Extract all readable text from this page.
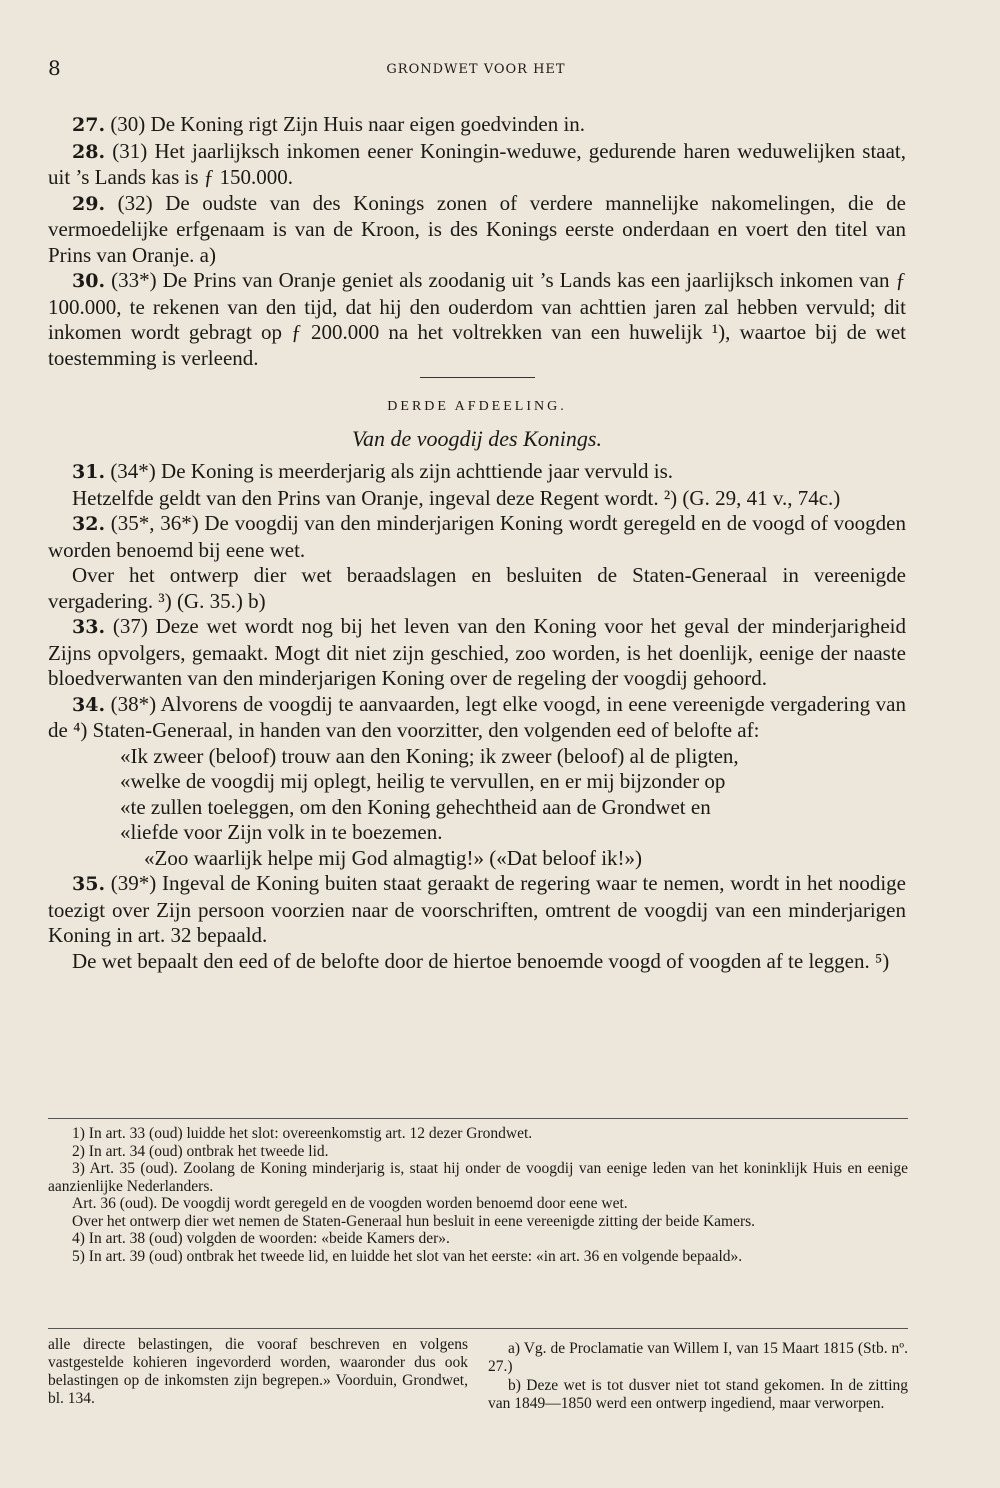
8	GRONDWET VOOR HET

27. (30) De Koning rigt Zijn Huis naar eigen goedvinden in.

28. (31) Het jaarlijksch inkomen eener Koningin-weduwe, gedurende haren weduwelijken staat, uit ’s Lands kas is ƒ 150.000.

29. (32) De oudste van des Konings zonen of verdere mannelijke nakomelingen, die de vermoedelijke erfgenaam is van de Kroon, is des Konings eerste onderdaan en voert den titel van Prins van Oranje. a)

30. (33*) De Prins van Oranje geniet als zoodanig uit ’s Lands kas een jaarlijksch inkomen van ƒ 100.000, te rekenen van den tijd, dat hij den ouderdom van achttien jaren zal hebben vervuld; dit inkomen wordt gebragt op ƒ 200.000 na het voltrekken van een huwelijk ¹), waartoe bij de wet toestemming is verleend.

DERDE AFDEELING.
Van de voogdij des Konings.

31. (34*) De Koning is meerderjarig als zijn achttiende jaar vervuld is.

Hetzelfde geldt van den Prins van Oranje, ingeval deze Regent wordt. ²) (G. 29, 41 v., 74c.)

32. (35*, 36*) De voogdij van den minderjarigen Koning wordt geregeld en de voogd of voogden worden benoemd bij eene wet.

Over het ontwerp dier wet beraadslagen en besluiten de Staten-Generaal in vereenigde vergadering. ³) (G. 35.) b)

33. (37) Deze wet wordt nog bij het leven van den Koning voor het geval der minderjarigheid Zijns opvolgers, gemaakt. Mogt dit niet zijn geschied, zoo worden, is het doenlijk, eenige der naaste bloedverwanten van den minderjarigen Koning over de regeling der voogdij gehoord.

34. (38*) Alvorens de voogdij te aanvaarden, legt elke voogd, in eene vereenigde vergadering van de ⁴) Staten-Generaal, in handen van den voorzitter, den volgenden eed of belofte af:

«Ik zweer (beloof) trouw aan den Koning; ik zweer (beloof) al de pligten,

«welke de voogdij mij oplegt, heilig te vervullen, en er mij bijzonder op

«te zullen toeleggen, om den Koning gehechtheid aan de Grondwet en

«liefde voor Zijn volk in te boezemen.

«Zoo waarlijk helpe mij God almagtig!» («Dat beloof ik!»)

35. (39*) Ingeval de Koning buiten staat geraakt de regering waar te nemen, wordt in het noodige toezigt over Zijn persoon voorzien naar de voorschriften, omtrent de voogdij van een minderjarigen Koning in art. 32 bepaald.

De wet bepaalt den eed of de belofte door de hiertoe benoemde voogd of voogden af te leggen. ⁵)

1) In art. 33 (oud) luidde het slot: overeenkomstig art. 12 dezer Grondwet.

2) In art. 34 (oud) ontbrak het tweede lid.

3) Art. 35 (oud). Zoolang de Koning minderjarig is, staat hij onder de voogdij van eenige leden van het koninklijk Huis en eenige aanzienlijke Nederlanders.

Art. 36 (oud). De voogdij wordt geregeld en de voogden worden benoemd door eene wet.

Over het ontwerp dier wet nemen de Staten-Generaal hun besluit in eene vereenigde zitting der beide Kamers.

4) In art. 38 (oud) volgden de woorden: «beide Kamers der».

5) In art. 39 (oud) ontbrak het tweede lid, en luidde het slot van het eerste: «in art. 36 en volgende bepaald».

alle directe belastingen, die vooraf beschreven en volgens vastgestelde kohieren ingevorderd worden, waaronder dus ook belastingen op de inkomsten zijn begrepen.» Voorduin, Grondwet, bl. 134.

a) Vg. de Proclamatie van Willem I, van 15 Maart 1815 (Stb. nº. 27.)

b) Deze wet is tot dusver niet tot stand gekomen. In de zitting van 1849—1850 werd een ontwerp ingediend, maar verworpen.
